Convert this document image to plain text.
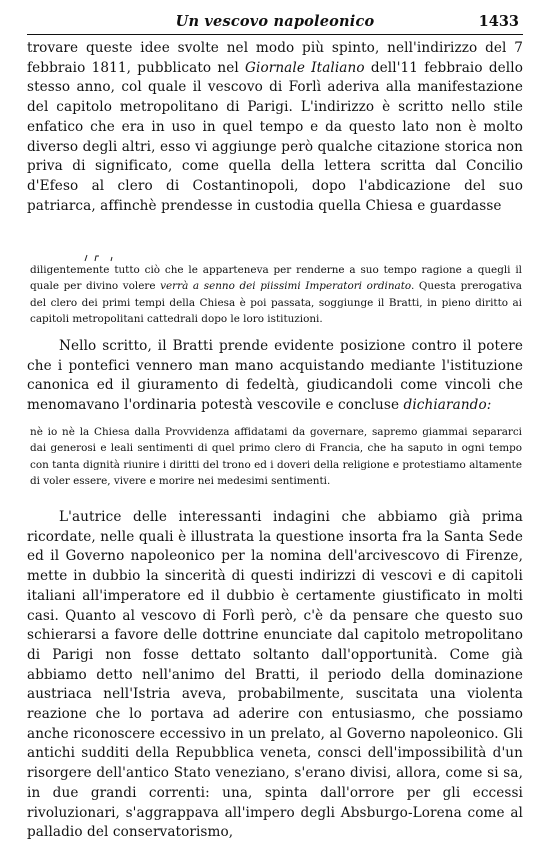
Un vescovo napoleonico	1433

trovare queste idee svolte nel modo più spinto, nell'indirizzo del 7 febbraio 1811, pubblicato nel Giornale Italiano dell'11 febbraio dello stesso anno, col quale il vescovo di Forlì aderiva alla manifestazione del capitolo metropolitano di Parigi. L'indirizzo è scritto nello stile enfatico che era in uso in quel tempo e da questo lato non è molto diverso degli altri, esso vi aggiunge però qualche citazione storica non priva di significato, come quella della lettera scritta dal Concilio d'Efeso al clero di Costantinopoli, dopo l'abdicazione del suo patriarca, affinchè prendesse in custodia quella Chiesa e guardasse

diligentemente tutto ciò che le apparteneva per renderne a suo tempo ragione a quegli il quale per divino volere verrà a senno dei piissimi Imperatori ordinato. Questa prerogativa del clero dei primi tempi della Chiesa è poi passata, soggiunge il Bratti, in pieno diritto ai capitoli metropolitani cattedrali dopo le loro istituzioni.

Nello scritto, il Bratti prende evidente posizione contro il potere che i pontefici vennero man mano acquistando mediante l'istituzione canonica ed il giuramento di fedeltà, giudicandoli come vincoli che menomavano l'ordinaria potestà vescovile e concluse dichiarando:

nè io nè la Chiesa dalla Provvidenza affidatami da governare, sapremo giammai separarci dai generosi e leali sentimenti di quel primo clero di Francia, che ha saputo in ogni tempo con tanta dignità riunire i diritti del trono ed i doveri della religione e protestiamo altamente di voler essere, vivere e morire nei medesimi sentimenti.

L'autrice delle interessanti indagini che abbiamo già prima ricordate, nelle quali è illustrata la questione insorta fra la Santa Sede ed il Governo napoleonico per la nomina dell'arcivescovo di Firenze, mette in dubbio la sincerità di questi indirizzi di vescovi e di capitoli italiani all'imperatore ed il dubbio è certamente giustificato in molti casi. Quanto al vescovo di Forlì però, c'è da pensare che questo suo schierarsi a favore delle dottrine enunciate dal capitolo metropolitano di Parigi non fosse dettato soltanto dall'opportunità. Come già abbiamo detto nell'animo del Bratti, il periodo della dominazione austriaca nell'Istria aveva, probabilmente, suscitata una violenta reazione che lo portava ad aderire con entusiasmo, che possiamo anche riconoscere eccessivo in un prelato, al Governo napoleonico. Gli antichi sudditi della Repubblica veneta, consci dell'impossibilità d'un risorgere dell'antico Stato veneziano, s'erano divisi, allora, come si sa, in due grandi correnti: una, spinta dall'orrore per gli eccessi rivoluzionari, s'aggrappava all'impero degli Absburgo-Lorena come al palladio del conservatorismo,
